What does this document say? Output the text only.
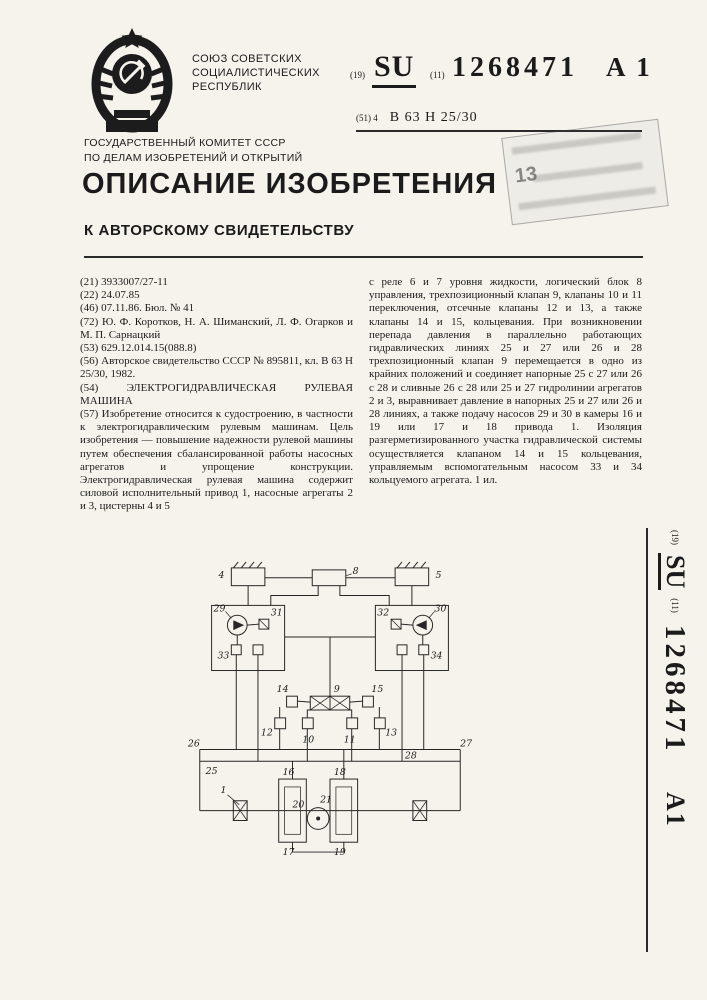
СОЮЗ СОВЕТСКИХ
СОЦИАЛИСТИЧЕСКИХ
РЕСПУБЛИК
(19) SU (11) 1268471 А 1
(51) 4 В 63 Н 25/30
13
ГОСУДАРСТВЕННЫЙ КОМИТЕТ СССР
ПО ДЕЛАМ ИЗОБРЕТЕНИЙ И ОТКРЫТИЙ
ОПИСАНИЕ ИЗОБРЕТЕНИЯ
К АВТОРСКОМУ СВИДЕТЕЛЬСТВУ

(21) 3933007/27-11

(22) 24.07.85

(46) 07.11.86. Бюл. № 41

(72) Ю. Ф. Коротков, Н. А. Шиманский, Л. Ф. Огарков и М. П. Сарнацкий

(53) 629.12.014.15(088.8)

(56) Авторское свидетельство СССР № 895811, кл. В 63 Н 25/30, 1982.

(54) ЭЛЕКТРОГИДРАВЛИЧЕСКАЯ РУЛЕВАЯ МАШИНА

(57) Изобретение относится к судостроению, в частности к электрогидравлическим рулевым машинам. Цель изобретения — повышение надежности рулевой машины путем обеспечения сбалансированной работы насосных агрегатов и упрощение конструкции. Электрогидравлическая рулевая машина содержит силовой исполнительный привод 1, насосные агрегаты 2 и 3, цистерны 4 и 5

с реле 6 и 7 уровня жидкости, логический блок 8 управления, трехпозиционный клапан 9, клапаны 10 и 11 переключения, отсечные клапаны 12 и 13, а также клапаны 14 и 15, кольцевания. При возникновении перепада давления в параллельно работающих гидравлических линиях 25 и 27 или 26 и 28 трехпозиционный клапан 9 перемещается в одно из крайних положений и соединяет напорные 25 с 27 или 26 с 28 и сливные 26 с 28 или 25 и 27 гидролинии агрегатов 2 и 3, выравнивает давление в напорных 25 и 27 или 26 и 28 линиях, а также подачу насосов 29 и 30 в камеры 16 и 19 или 17 и 18 привода 1. Изоляция разгерметизированного участка гидравлической системы осуществляется клапаном 14 и 15 кольцевания, управляемым вспомогательным насосом 33 и 34 кольцуемого агрегата. 1 ил.

(19) SU (11) 1268471 А1
4	5
8
29	31
33
30
32
34
14	9	15
12
10	11
13
26
25
27
28
1
16	18
20 21
17	19
